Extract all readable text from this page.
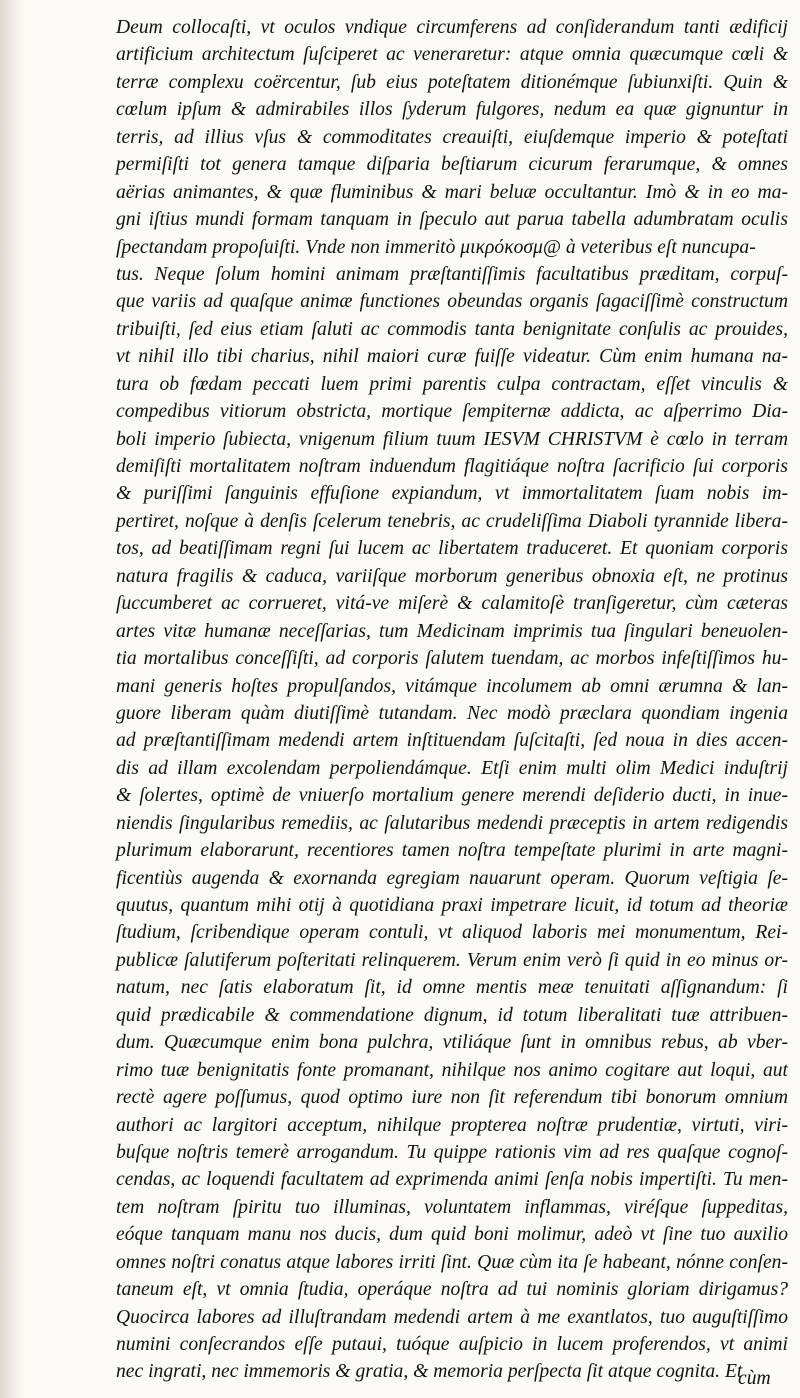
Deum collocaſti, vt oculos vndique circumferens ad conſiderandum tanti ædificij
artificium architectum ſuſciperet ac veneraretur: atque omnia quæcumque cœli &
terræ complexu coërcentur, ſub eius poteſtatem ditionémque ſubiunxiſti. Quin &
cœlum ipſum & admirabiles illos ſyderum fulgores, nedum ea quæ gignuntur in
terris, ad illius vſus & commoditates creauiſti, eiuſdemque imperio & poteſtati
permiſiſti tot genera tamque diſparia beſtiarum cicurum ferarumque, & omnes
aërias animantes, & quæ fluminibus & mari beluæ occultantur. Imò & in eo ma-
gni iſtius mundi formam tanquam in ſpeculo aut parua tabella adumbratam oculis
ſpectandam propoſuiſti. Vnde non immeritò μικρόκοσμ@ à veteribus eſt nuncupa-
tus. Neque ſolum homini animam præſtantiſſimis facultatibus præditam, corpuſ-
que variis ad quaſque animæ functiones obeundas organis ſagaciſſimè constructum
tribuiſti, ſed eius etiam ſaluti ac commodis tanta benignitate conſulis ac prouides,
vt nihil illo tibi charius, nihil maiori curæ fuiſſe videatur. Cùm enim humana na-
tura ob fœdam peccati luem primi parentis culpa contractam, eſſet vinculis &
compedibus vitiorum obstricta, mortique ſempiternæ addicta, ac aſperrimo Dia-
boli imperio ſubiecta, vnigenum filium tuum IESVM CHRISTVM è cœlo in terram
demiſiſti mortalitatem noſtram induendum flagitiáque noſtra ſacrificio ſui corporis
& puriſſimi ſanguinis effuſione expiandum, vt immortalitatem ſuam nobis im-
pertiret, noſque à denſis ſcelerum tenebris, ac crudeliſſima Diaboli tyrannide liberа-
tos, ad beatiſſimam regni ſui lucem ac libertatem traduceret. Et quoniam corporis
natura fragilis & caduca, variiſque morborum generibus obnoxia eſt, ne protinus
ſuccumberet ac corrueret, vitá-ve miſerè & calamitoſè tranſigeretur, cùm cæteras
artes vitæ humanæ neceſſarias, tum Medicinam imprimis tua ſingulari beneuolen-
tia mortalibus conceſſiſti, ad corporis ſalutem tuendam, ac morbos infeſtiſſimos hu-
mani generis hoſtes propulſandos, vitámque incolumem ab omni ærumna & lan-
guore liberam quàm diutiſſimè tutandam. Nec modò præclara quondiam ingenia
ad præſtantiſſimam medendi artem inſtituendam ſuſcitaſti, ſed noua in dies accen-
dis ad illam excolendam perpoliendámque. Etſi enim multi olim Medici induſtrij
& ſolertes, optimè de vniuerſo mortalium genere merendi deſiderio ducti, in inue-
niendis ſingularibus remediis, ac ſalutaribus medendi præceptis in artem redigendis
plurimum elaborarunt, recentiores tamen noſtra tempeſtate plurimi in arte magni-
ficentiùs augenda & exornanda egregiam nauarunt operam. Quorum veſtigia ſe-
quutus, quantum mihi otij à quotidiana praxi impetrare licuit, id totum ad theoriæ
ſtudium, ſcribendique operam contuli, vt aliquod laboris mei monumentum, Rei-
publicæ ſalutiferum poſteritati relinquerem. Verum enim verò ſi quid in eo minus or-
natum, nec ſatis elaboratum ſit, id omne mentis meæ tenuitati aſſignandum: ſi
quid prædicabile & commendatione dignum, id totum liberalitati tuæ attribuen-
dum. Quæcumque enim bona pulchra, vtiliáque ſunt in omnibus rebus, ab vber-
rimo tuæ benignitatis fonte promanant, nihilque nos animo cogitare aut loqui, aut
rectè agere poſſumus, quod optimo iure non ſit referendum tibi bonorum omnium
authori ac largitori acceptum, nihilque propterea noſtræ prudentiæ, virtuti, viri-
buſque noſtris temerè arrogandum. Tu quippe rationis vim ad res quaſque cognoſ-
cendas, ac loquendi facultatem ad exprimenda animi ſenſa nobis impertiſti. Tu men-
tem noſtram ſpiritu tuo illuminas, voluntatem inflammas, viréſque ſuppeditas,
eóque tanquam manu nos ducis, dum quid boni molimur, adeò vt ſine tuo auxilio
omnes noſtri conatus atque labores irriti ſint. Quæ cùm ita ſe habeant, nónne conſen-
taneum eſt, vt omnia ſtudia, operáque noſtra ad tui nominis gloriam dirigamus?
Quocirca labores ad illuſtrandam medendi artem à me exantlatos, tuo auguſtiſſimo
numini conſecrandos eſſe putaui, tuóque auſpicio in lucem proferendos, vt animi
nec ingrati, nec immemoris & gratia, & memoria perſpecta ſit atque cognita. Et
cùm
